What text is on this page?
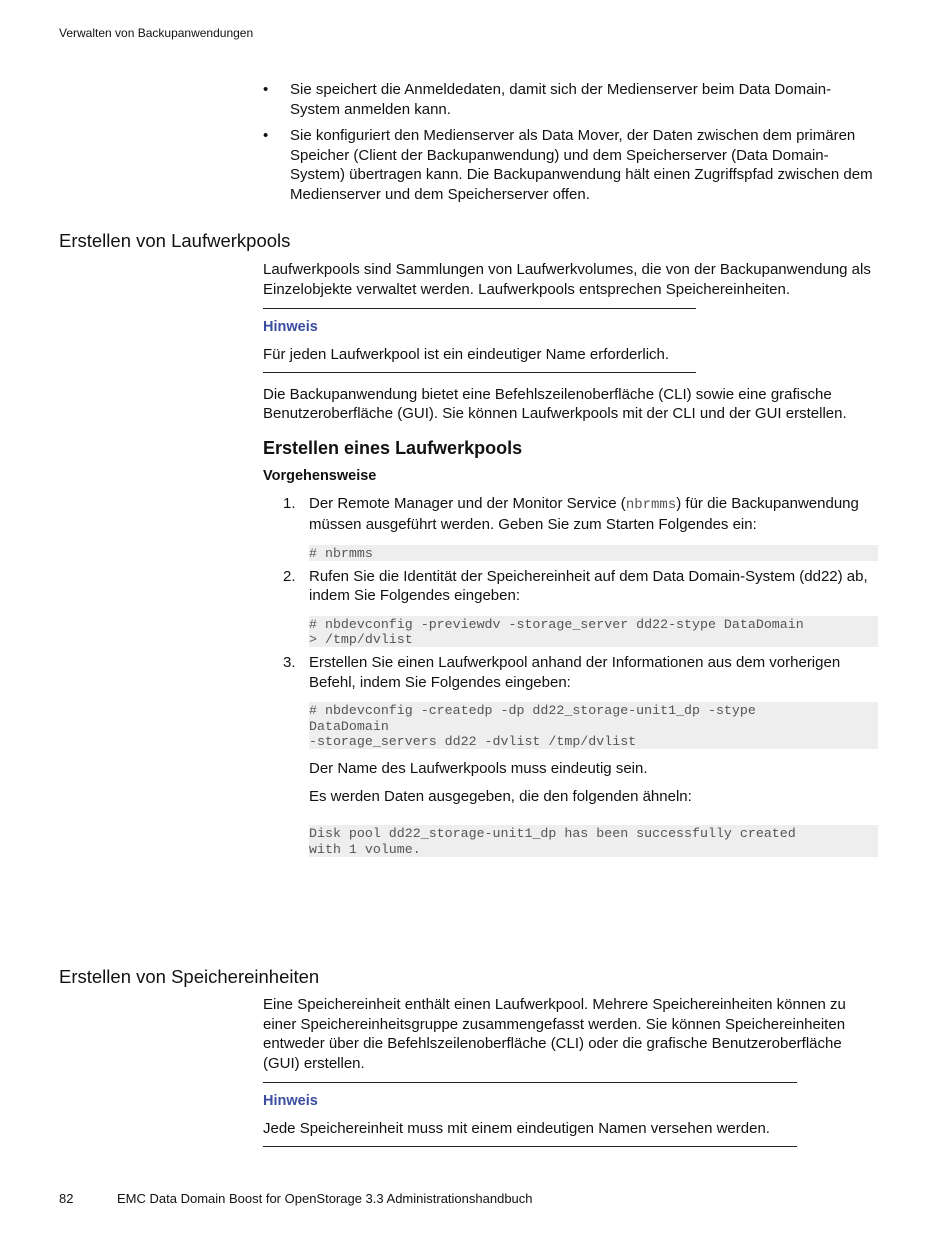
Verwalten von Backupanwendungen
• Sie speichert die Anmeldedaten, damit sich der Medienserver beim Data Domain-System anmelden kann.
• Sie konfiguriert den Medienserver als Data Mover, der Daten zwischen dem primären Speicher (Client der Backupanwendung) und dem Speicherserver (Data Domain-System) übertragen kann. Die Backupanwendung hält einen Zugriffspfad zwischen dem Medienserver und dem Speicherserver offen.
Erstellen von Laufwerkpools

Laufwerkpools sind Sammlungen von Laufwerkvolumes, die von der Backupanwendung als Einzelobjekte verwaltet werden. Laufwerkpools entsprechen Speichereinheiten.

Hinweis

Für jeden Laufwerkpool ist ein eindeutiger Name erforderlich.

Die Backupanwendung bietet eine Befehlszeilenoberfläche (CLI) sowie eine grafische Benutzeroberfläche (GUI). Sie können Laufwerkpools mit der CLI und der GUI erstellen.

Erstellen eines Laufwerkpools

Vorgehensweise

1. Der Remote Manager und der Monitor Service (nbrmms) für die Backupanwendung müssen ausgeführt werden. Geben Sie zum Starten Folgendes ein:

# nbrmms
2. Rufen Sie die Identität der Speichereinheit auf dem Data Domain-System (dd22) ab, indem Sie Folgendes eingeben:

# nbdevconfig -previewdv -storage_server dd22-stype DataDomain
> /tmp/dvlist
3. Erstellen Sie einen Laufwerkpool anhand der Informationen aus dem vorherigen Befehl, indem Sie Folgendes eingeben:

# nbdevconfig -createdp -dp dd22_storage-unit1_dp -stype
DataDomain
-storage_servers dd22 -dvlist /tmp/dvlist

Der Name des Laufwerkpools muss eindeutig sein.

Es werden Daten ausgegeben, die den folgenden ähneln:

Disk pool dd22_storage-unit1_dp has been successfully created
with 1 volume.
Erstellen von Speichereinheiten

Eine Speichereinheit enthält einen Laufwerkpool. Mehrere Speichereinheiten können zu einer Speichereinheitsgruppe zusammengefasst werden. Sie können Speichereinheiten entweder über die Befehlszeilenoberfläche (CLI) oder die grafische Benutzeroberfläche (GUI) erstellen.

Hinweis

Jede Speichereinheit muss mit einem eindeutigen Namen versehen werden.

82	EMC Data Domain Boost for OpenStorage 3.3 Administrationshandbuch
